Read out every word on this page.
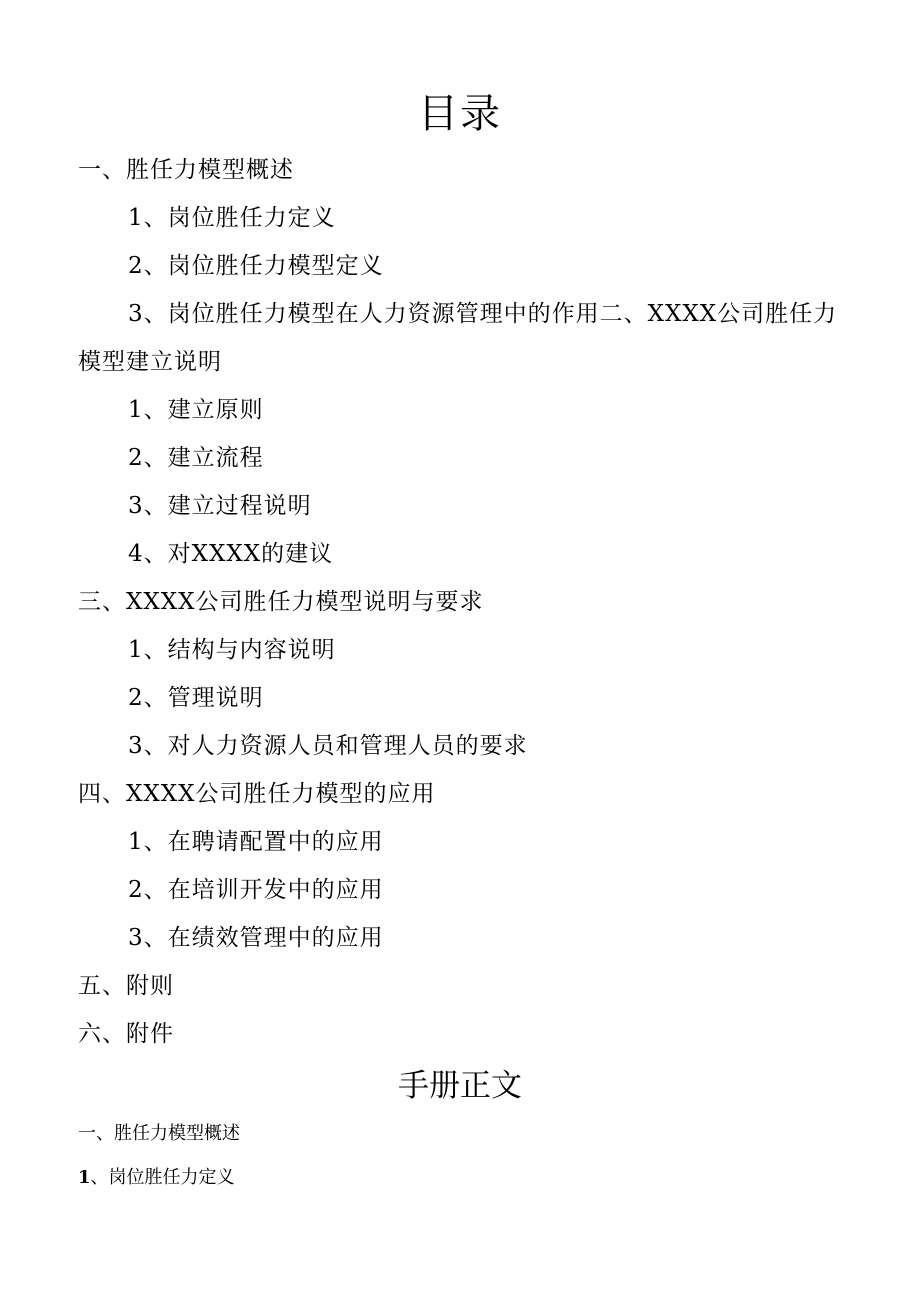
目录
一、胜任力模型概述
1、岗位胜任力定义
2、岗位胜任力模型定义
3、岗位胜任力模型在人力资源管理中的作用二、XXXX公司胜任力
模型建立说明
1、建立原则
2、建立流程
3、建立过程说明
4、对XXXX的建议
三、XXXX公司胜任力模型说明与要求
1、结构与内容说明
2、管理说明
3、对人力资源人员和管理人员的要求
四、XXXX公司胜任力模型的应用
1、在聘请配置中的应用
2、在培训开发中的应用
3、在绩效管理中的应用
五、附则
六、附件
手册正文
一、胜任力模型概述
1、岗位胜任力定义
